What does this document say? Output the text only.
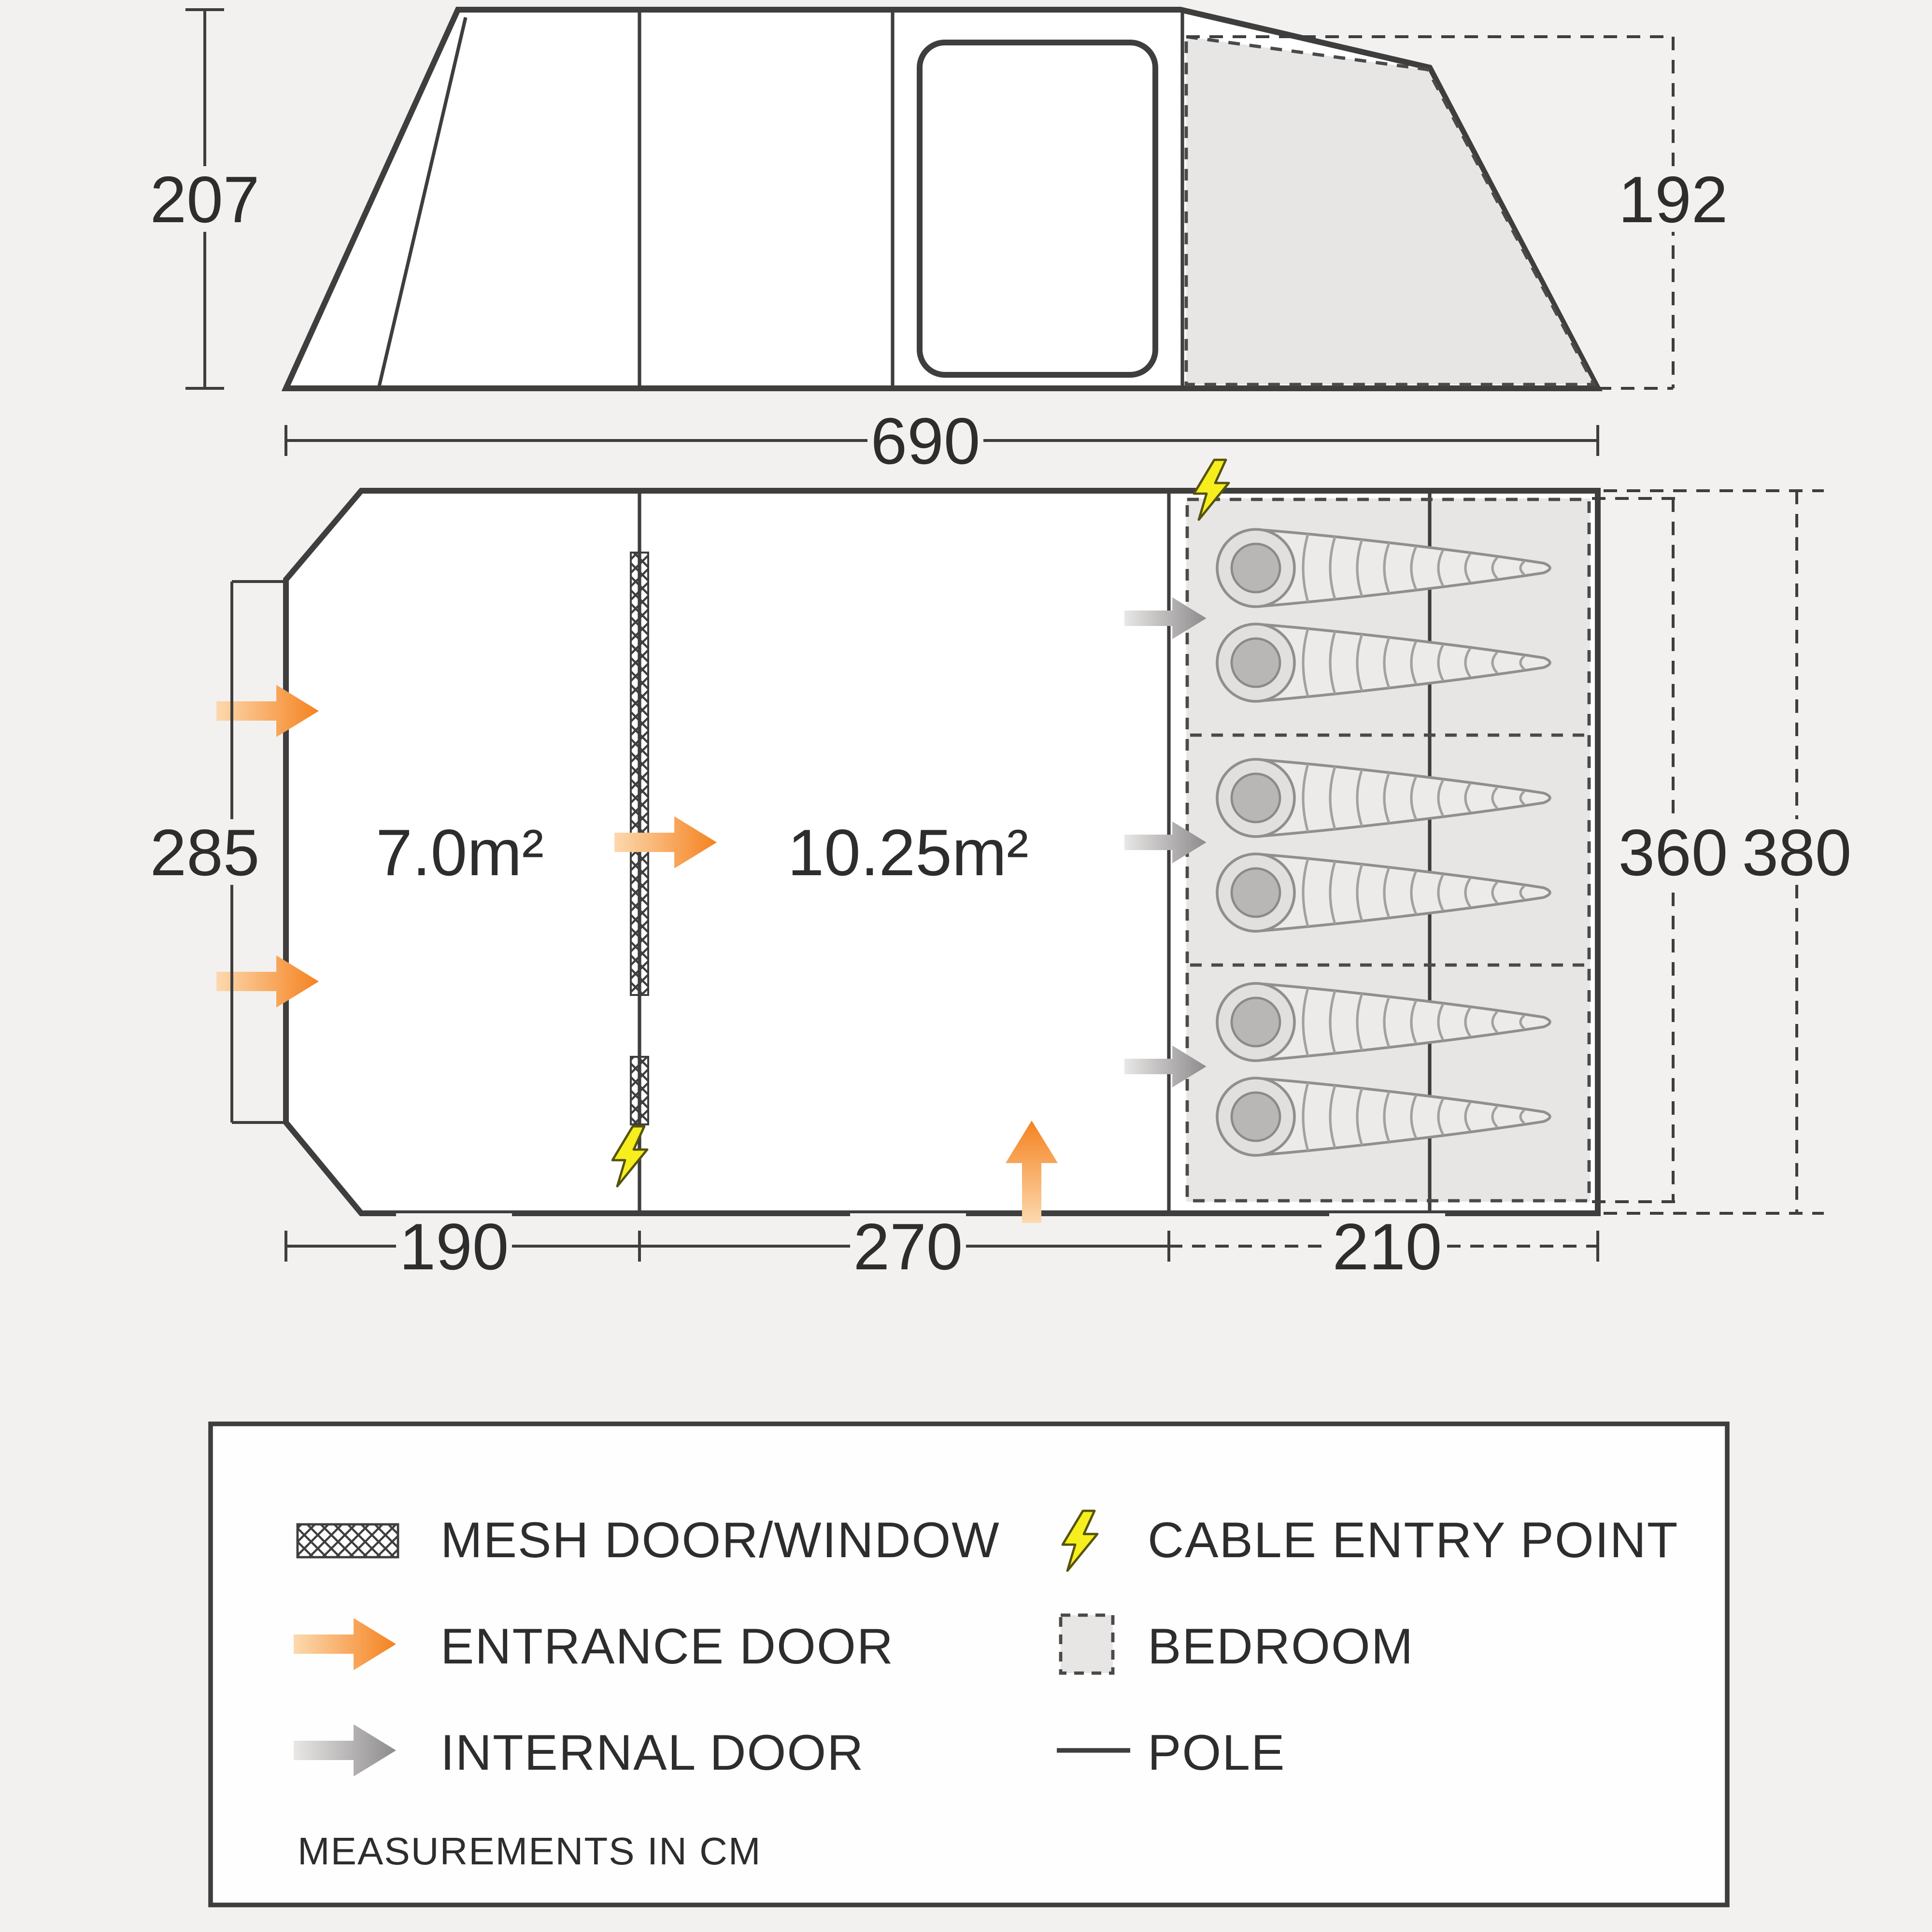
192
207
690
7.0m²	10.25m²
285	360 380
190	270	210
MESH DOOR/WINDOW	CABLE ENTRY POINT
ENTRANCE DOOR	BEDROOM
INTERNAL DOOR	POLE
MEASUREMENTS IN CM
